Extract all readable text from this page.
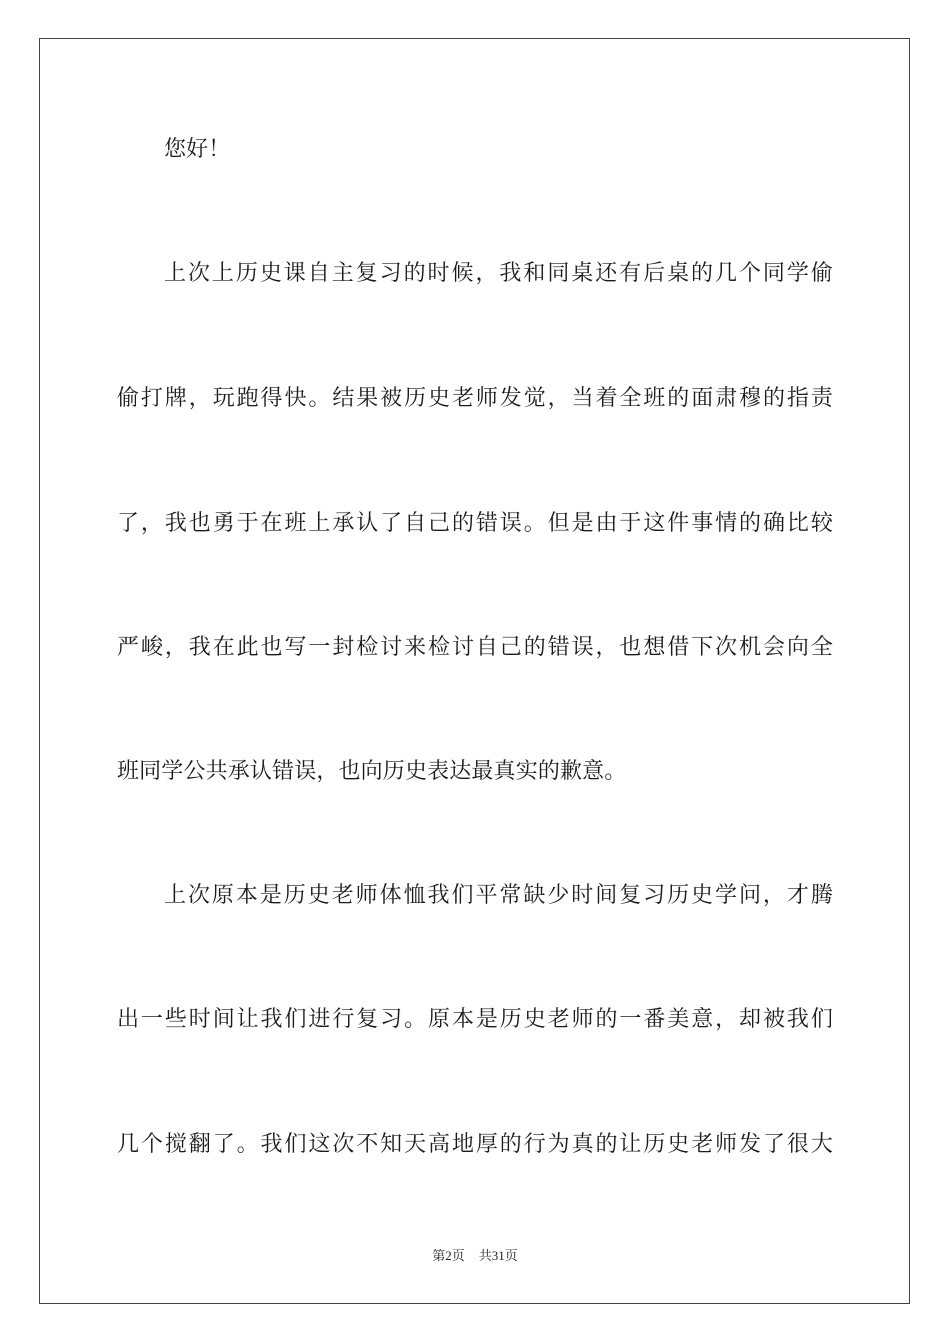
您好！
上次上历史课自主复习的时候，我和同桌还有后桌的几个同学偷
偷打牌，玩跑得快。结果被历史老师发觉，当着全班的面肃穆的指责
了，我也勇于在班上承认了自己的错误。但是由于这件事情的确比较
严峻，我在此也写一封检讨来检讨自己的错误，也想借下次机会向全
班同学公共承认错误，也向历史表达最真实的歉意。
上次原本是历史老师体恤我们平常缺少时间复习历史学问，才腾
出一些时间让我们进行复习。原本是历史老师的一番美意，却被我们
几个搅翻了。我们这次不知天高地厚的行为真的让历史老师发了很大
第2页 共31页
